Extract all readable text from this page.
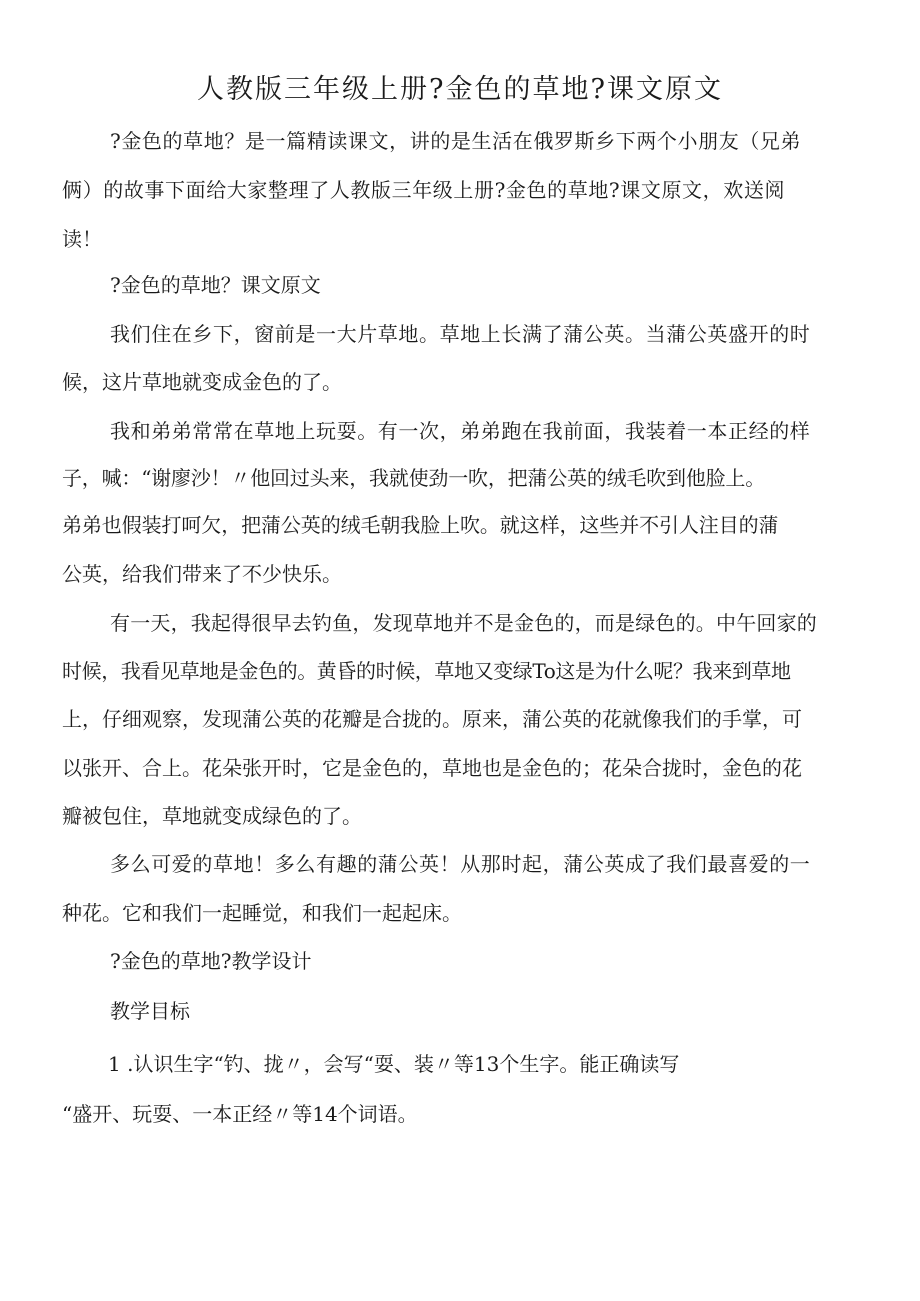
人教版三年级上册?金色的草地?课文原文

?金色的草地？是一篇精读课文，讲的是生活在俄罗斯乡下两个小朋友（兄弟

俩）的故事下面给大家整理了人教版三年级上册?金色的草地?课文原文，欢送阅

读！

?金色的草地？课文原文

我们住在乡下，窗前是一大片草地。草地上长满了蒲公英。当蒲公英盛开的时

候，这片草地就变成金色的了。

我和弟弟常常在草地上玩耍。有一次，弟弟跑在我前面，我装着一本正经的样

子，喊：“谢廖沙！〃他回过头来，我就使劲一吹，把蒲公英的绒毛吹到他脸上。

弟弟也假装打呵欠，把蒲公英的绒毛朝我脸上吹。就这样，这些并不引人注目的蒲

公英，给我们带来了不少快乐。

有一天，我起得很早去钓鱼，发现草地并不是金色的，而是绿色的。中午回家的

时候，我看见草地是金色的。黄昏的时候，草地又变绿To这是为什么呢？我来到草地

上，仔细观察，发现蒲公英的花瓣是合拢的。原来，蒲公英的花就像我们的手掌，可

以张开、合上。花朵张开时，它是金色的，草地也是金色的；花朵合拢时，金色的花

瓣被包住，草地就变成绿色的了。

多么可爱的草地！多么有趣的蒲公英！从那时起，蒲公英成了我们最喜爱的一

种花。它和我们一起睡觉，和我们一起起床。

?金色的草地?教学设计

教学目标

1 .认识生字“钓、拢〃，会写“耍、装〃等13个生字。能正确读写

“盛开、玩耍、一本正经〃等14个词语。
